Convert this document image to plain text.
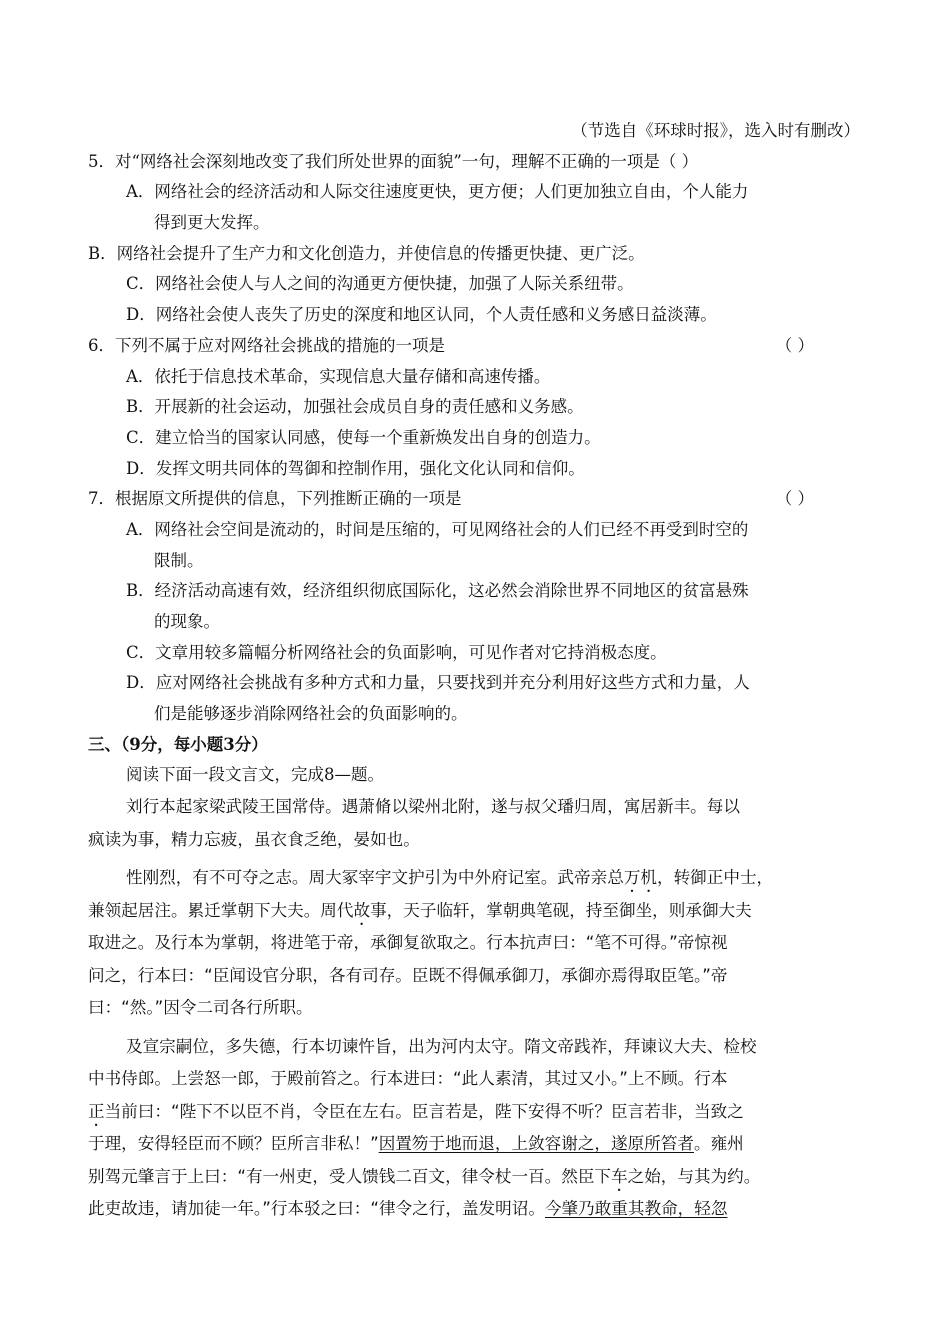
（节选自《环球时报》，选入时有删改）
5．对“网络社会深刻地改变了我们所处世界的面貌”一句，理解不正确的一项是（ ）
A．网络社会的经济活动和人际交往速度更快，更方便；人们更加独立自由，个人能力
得到更大发挥。
B．网络社会提升了生产力和文化创造力，并使信息的传播更快捷、更广泛。
C．网络社会使人与人之间的沟通更方便快捷，加强了人际关系纽带。
D．网络社会使人丧失了历史的深度和地区认同，个人责任感和义务感日益淡薄。
6．下列不属于应对网络社会挑战的措施的一项是	（ ）
A．依托于信息技术革命，实现信息大量存储和高速传播。
B．开展新的社会运动，加强社会成员自身的责任感和义务感。
C．建立恰当的国家认同感，使每一个重新焕发出自身的创造力。
D．发挥文明共同体的驾御和控制作用，强化文化认同和信仰。
7．根据原文所提供的信息，下列推断正确的一项是	（ ）
A．网络社会空间是流动的，时间是压缩的，可见网络社会的人们已经不再受到时空的
限制。
B．经济活动高速有效，经济组织彻底国际化，这必然会消除世界不同地区的贫富悬殊
的现象。
C．文章用较多篇幅分析网络社会的负面影响，可见作者对它持消极态度。
D．应对网络社会挑战有多种方式和力量，只要找到并充分利用好这些方式和力量，人
们是能够逐步消除网络社会的负面影响的。
三、（9分，每小题3分）
阅读下面一段文言文，完成8—题。
刘行本起家梁武陵王国常侍。遇萧脩以梁州北附，遂与叔父璠归周，寓居新丰。每以
疯读为事，精力忘疲，虽衣食乏绝，晏如也。
性刚烈，有不可夺之志。周大冢宰宇文护引为中外府记室。武帝亲总万机，转御正中士，
兼领起居注。累迁掌朝下大夫。周代故事，天子临轩，掌朝典笔砚，持至御坐，则承御大夫
取进之。及行本为掌朝，将进笔于帝，承御复欲取之。行本抗声曰：“笔不可得。”帝惊视
问之，行本曰：“臣闻设官分职，各有司存。臣既不得佩承御刀，承御亦焉得取臣笔。”帝
曰：“然。”因令二司各行所职。
及宣宗嗣位，多失德，行本切谏忤旨，出为河内太守。隋文帝践祚，拜谏议大夫、检校
中书侍郎。上尝怒一郎，于殿前笞之。行本进曰：“此人素清，其过又小。”上不顾。行本
正当前曰：“陛下不以臣不肖，令臣在左右。臣言若是，陛下安得不听？臣言若非，当致之
于理，安得轻臣而不顾？臣所言非私！”因置笏于地而退，上敛容谢之，遂原所笞者。雍州
别驾元肇言于上曰：“有一州吏，受人馈钱二百文，律令杖一百。然臣下车之始，与其为约。
此吏故违，请加徒一年。”行本驳之曰：“律令之行，盖发明诏。今肇乃敢重其教命，轻忽
